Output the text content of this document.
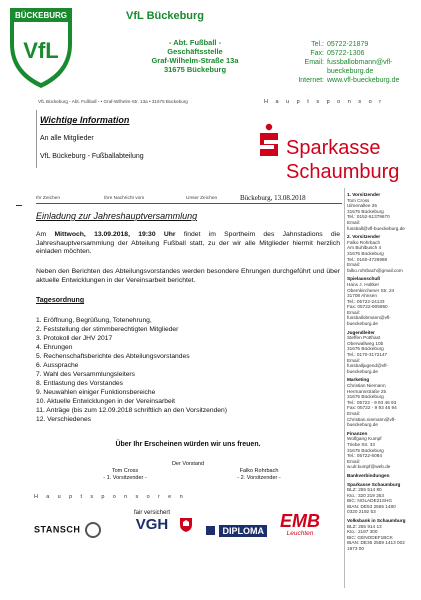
BÜCKEBURG
VfL
VfL Bückeburg
- Abt. Fußball -
Geschäftsstelle
Graf-Wilhelm-Straße 13a
31675 Bückeburg
Tel.: 05722-21879
Fax: 05722-1306
Email: fussballobmann@vfl-bueckeburg.de
Internet: www.vfl-bueckeburg.de
VfL Bückeburg - Abt. Fußball - • Graf-Wilhelm-Str. 13a • 31675 Bückeburg	H a u p t s p o n s o r
Wichtige Information
An alle Mitglieder
VfL Bückeburg - Fußballabteilung	Sparkasse
Schaumburg
Ihr Zeichen	Ihre Nachricht vom	Unser Zeichen	Bückeburg, 13.08.2018
Einladung zur Jahreshauptversammlung
Am Mittwoch, 13.09.2018, 19:30 Uhr findet im Sportheim des Jahnstadions die Jahreshauptversammlung der Abteilung Fußball statt, zu der wir alle Mitglieder hiermit herzlich einladen möchten.
Neben den Berichten des Abteilungsvorstandes werden besondere Ehrungen durchgeführt und über aktuelle Entwicklungen in der Vereinsarbeit berichtet.
Tagesordnung
1. Eröffnung, Begrüßung, Totenehrung,
2. Feststellung der stimmberechtigten Mitglieder
3. Protokoll der JHV 2017
4. Ehrungen
5. Rechenschaftsberichte des Abteilungsvorstandes
6. Aussprache
7. Wahl des Versammlungsleiters
8. Entlastung des Vorstandes
9. Neuwahlen einiger Funktionsbereiche
10. Aktuelle Entwicklungen in der Vereinsarbeit
11. Anträge (bis zum 12.09.2018 schriftlich an den Vorsitzenden)
12. Verschiedenes
Über Ihr Erscheinen würden wir uns freuen.
Der Vorstand
Tom Cross
- 1. Vorsitzender -
Falko Rohrbach
- 2. Vorsitzender -
1. Vorsitzender
Tom Cross
Ulmenallee 25
31675 Bückeburg
Tel.: 0152-51379670
Email:
fussball@vfl-bueckeburg.de
2. Vorsitzender
Falko Rohrbach
Am Buhlbusch 4
31675 Bückeburg
Tel.: 0160-4726998
Email:
falko.rohrbach@gmail.com
Spielausschuß
Hans J. Holtker
Obernkirchener Str. 24
31708 Ahnsen
Tel.: 05722-24133
Fax: 05722-905950
Email:
fussballobmann@vfl-
bueckeburg.de
Jugendleiter
Steffen Potthast
Oberwallweg 10b
31675 Bückeburg
Tel.: 0170-3172147
Email:
fussballjugend@vfl-
bueckeburg.de
Marketing
Christian Niemann
Hermannstraße 25
31675 Bückeburg
Tel.: 05722 - 9 93 46 93
Fax: 05722 - 9 93 46 94
Email:
Christian.niemann@vfl-
bueckeburg.de
Finanzen
Wolfgang Kumpf
Triebe Str. 33
31675 Bückeburg
Tel.: 05722-6084
Email:
w.ulr.kumpf@web.de
Bankverbindungen
Sparkasse Schaumburg
BLZ: 255 514 80
Kto.: 320 219 253
BIC: NOLADE21SHG
IBAN: DE53 2555 1480
0320 2192 53
Volksbank in Schaumburg
BLZ: 255 914 13
Kto.: 2197 300
BIC: GENODEF1BCK
IBAN: DE35 2559 1413 002
1973 00
H a u p t s p o n s o r e n
STANSCH
fair versichert
VGH	DIPLOMA EMB
Leuchten
